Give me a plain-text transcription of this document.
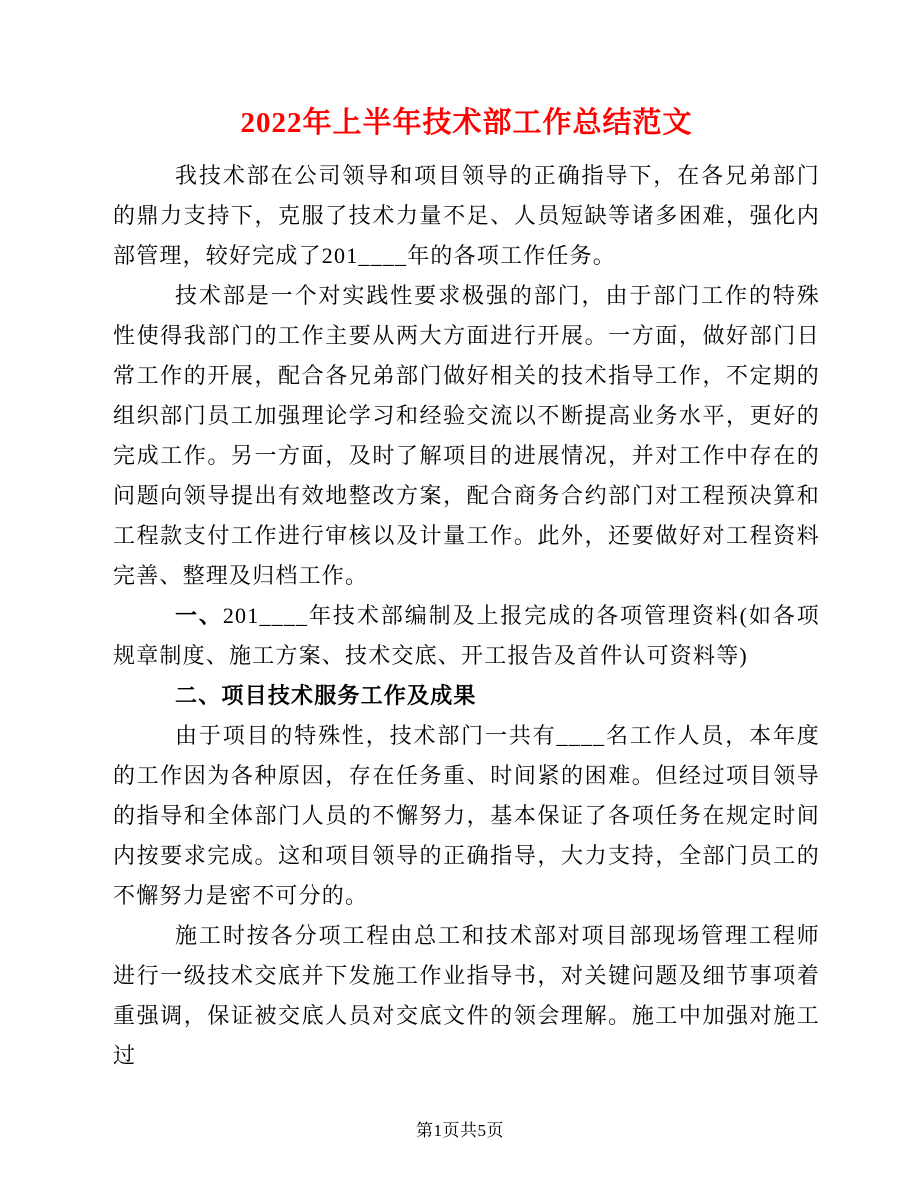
2022年上半年技术部工作总结范文

我技术部在公司领导和项目领导的正确指导下，在各兄弟部门的鼎力支持下，克服了技术力量不足、人员短缺等诸多困难，强化内部管理，较好完成了201____年的各项工作任务。

技术部是一个对实践性要求极强的部门，由于部门工作的特殊性使得我部门的工作主要从两大方面进行开展。一方面，做好部门日常工作的开展，配合各兄弟部门做好相关的技术指导工作，不定期的组织部门员工加强理论学习和经验交流以不断提高业务水平，更好的完成工作。另一方面，及时了解项目的进展情况，并对工作中存在的问题向领导提出有效地整改方案，配合商务合约部门对工程预决算和工程款支付工作进行审核以及计量工作。此外，还要做好对工程资料完善、整理及归档工作。

一、201____年技术部编制及上报完成的各项管理资料(如各项规章制度、施工方案、技术交底、开工报告及首件认可资料等)

二、项目技术服务工作及成果

由于项目的特殊性，技术部门一共有____名工作人员，本年度的工作因为各种原因，存在任务重、时间紧的困难。但经过项目领导的指导和全体部门人员的不懈努力，基本保证了各项任务在规定时间内按要求完成。这和项目领导的正确指导，大力支持，全部门员工的不懈努力是密不可分的。

施工时按各分项工程由总工和技术部对项目部现场管理工程师进行一级技术交底并下发施工作业指导书，对关键问题及细节事项着重强调，保证被交底人员对交底文件的领会理解。施工中加强对施工过

第1页共5页
